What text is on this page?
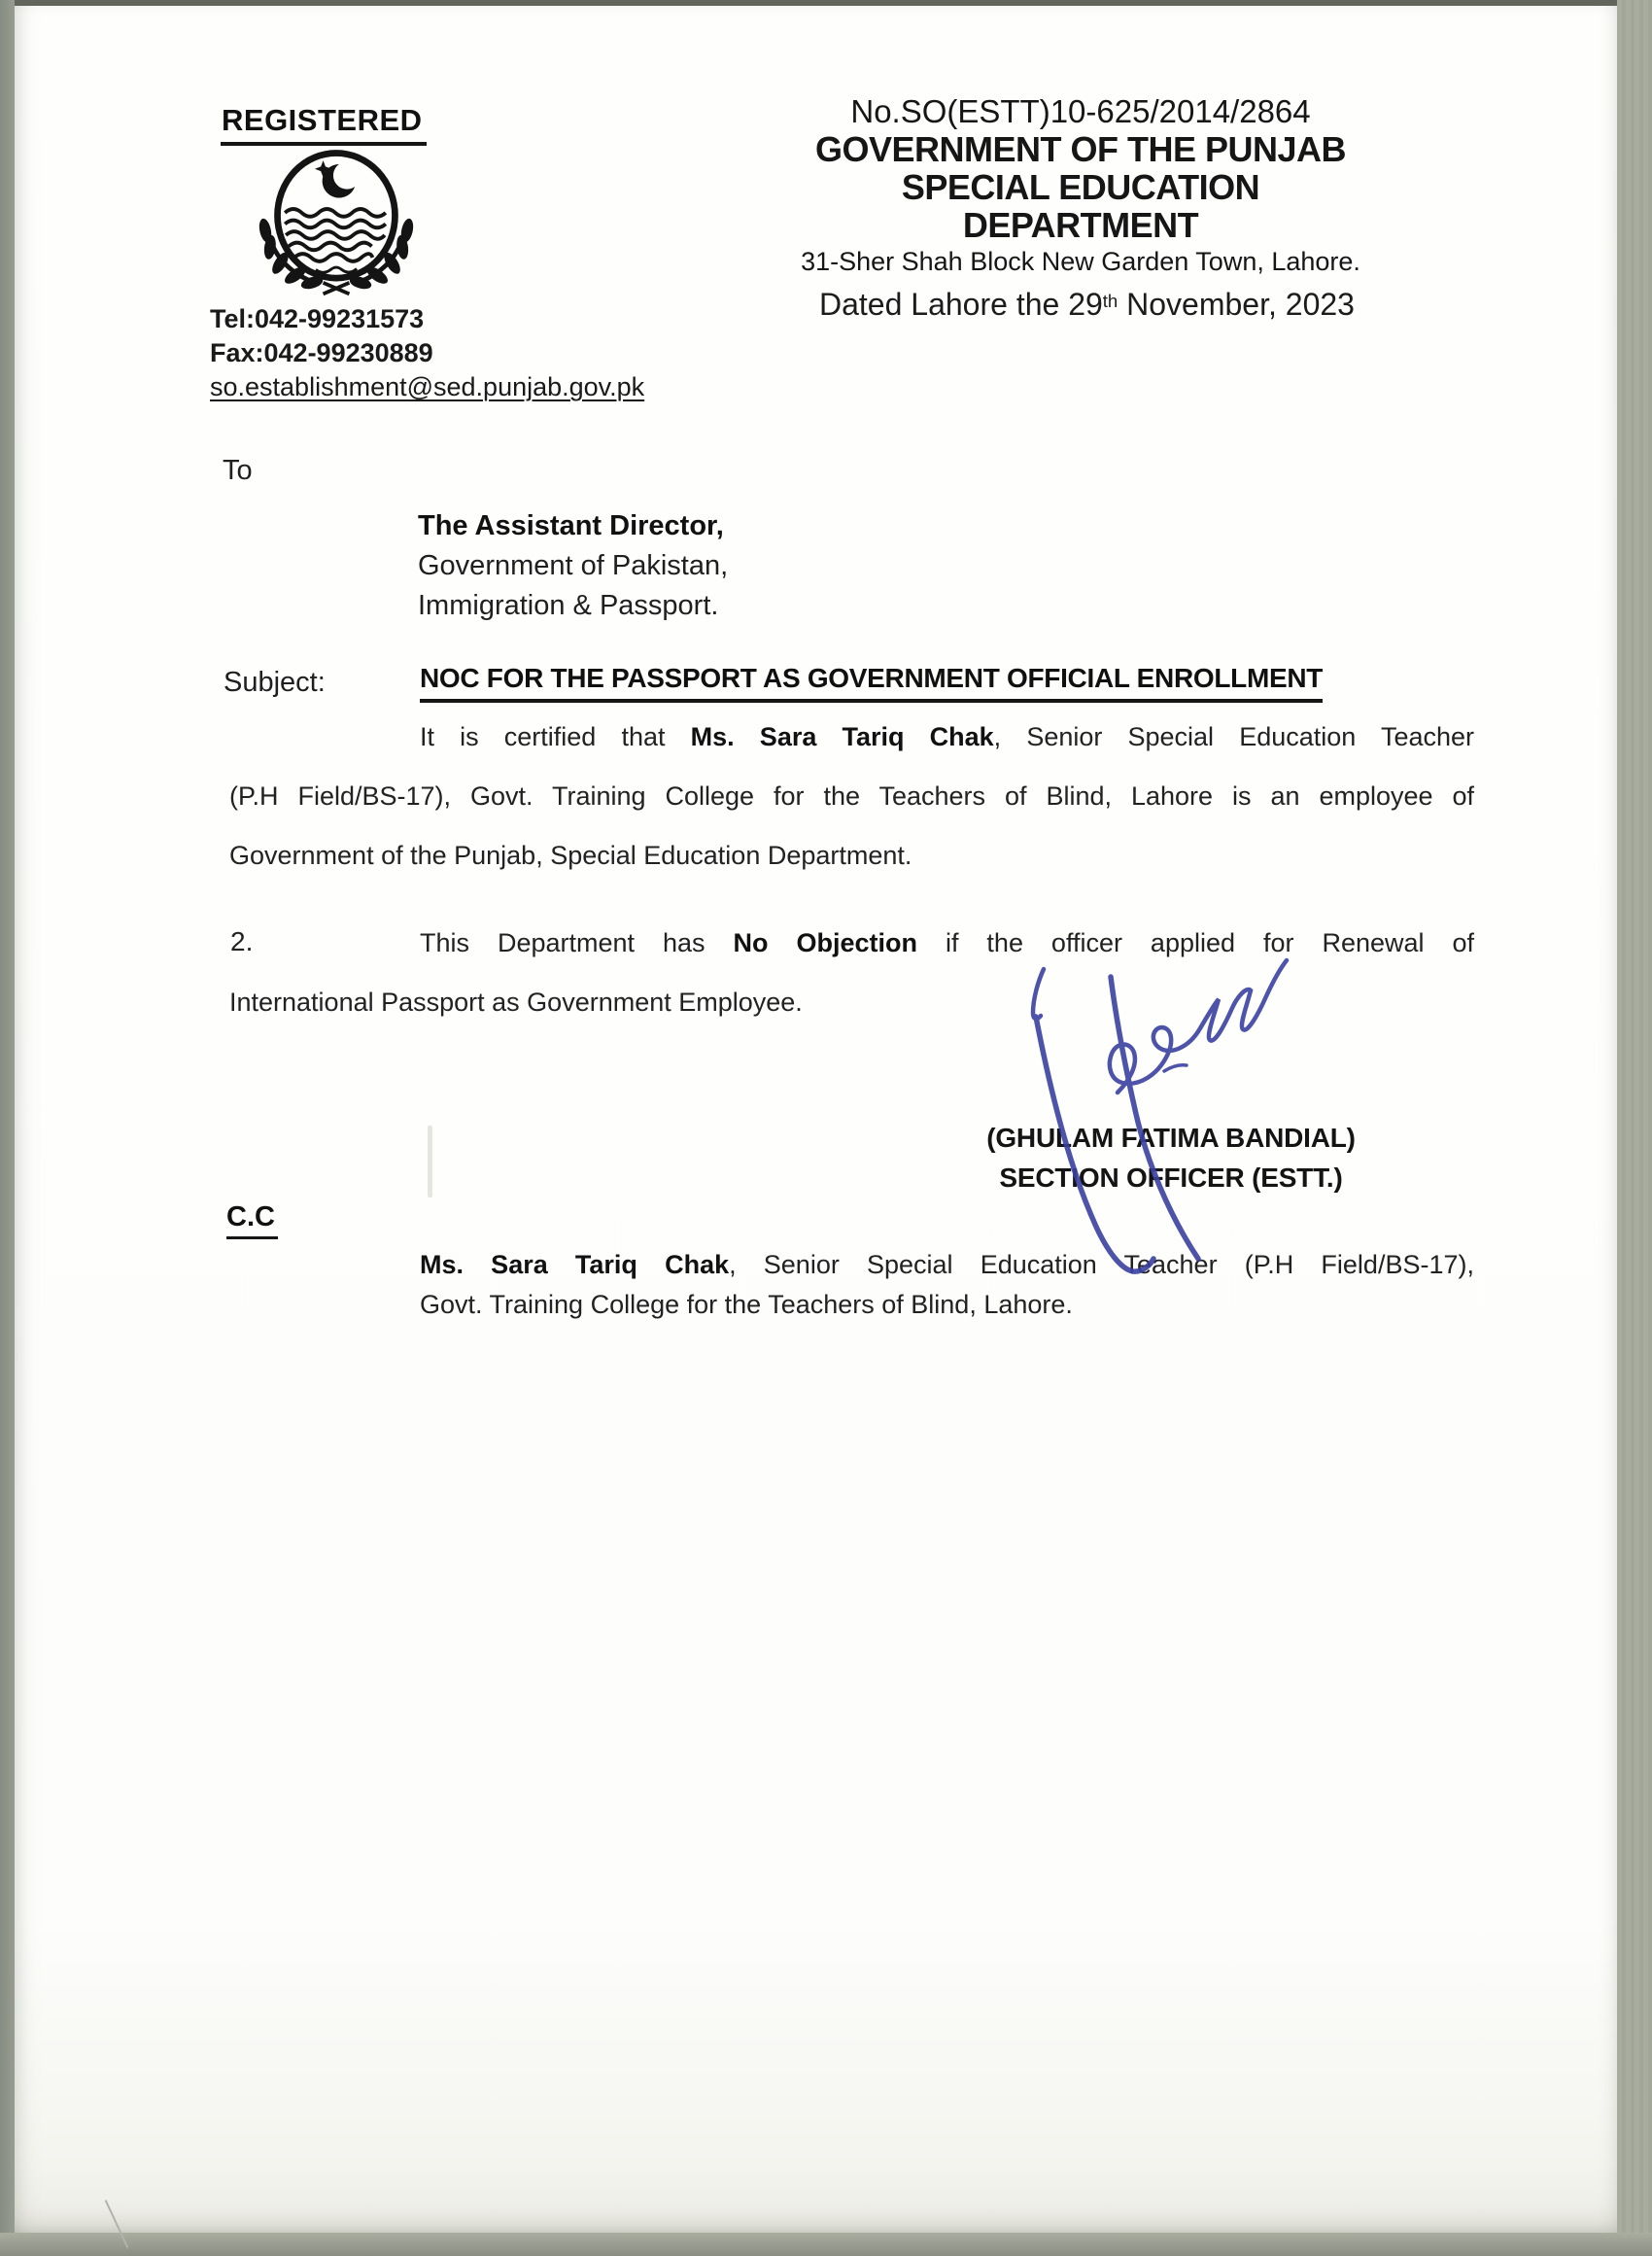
REGISTERED
Tel:042-99231573
Fax:042-99230889
so.establishment@sed.punjab.gov.pk
No.SO(ESTT)10-625/2014/2864
GOVERNMENT OF THE PUNJAB
SPECIAL EDUCATION DEPARTMENT
31-Sher Shah Block New Garden Town, Lahore.
Dated Lahore the 29th November, 2023
To
The Assistant Director,
Government of Pakistan,
Immigration & Passport.
Subject:	NOC FOR THE PASSPORT AS GOVERNMENT OFFICIAL ENROLLMENT
It is certified that Ms. Sara Tariq Chak, Senior Special Education Teacher
(P.H Field/BS-17), Govt. Training College for the Teachers of Blind, Lahore is an employee of
Government of the Punjab, Special Education Department.
2.	This Department has No Objection if the officer applied for Renewal of
International Passport as Government Employee.
(GHULAM FATIMA BANDIAL)
SECTION OFFICER (ESTT.)
C.C
Ms. Sara Tariq Chak, Senior Special Education Teacher (P.H Field/BS-17),
Govt. Training College for the Teachers of Blind, Lahore.
